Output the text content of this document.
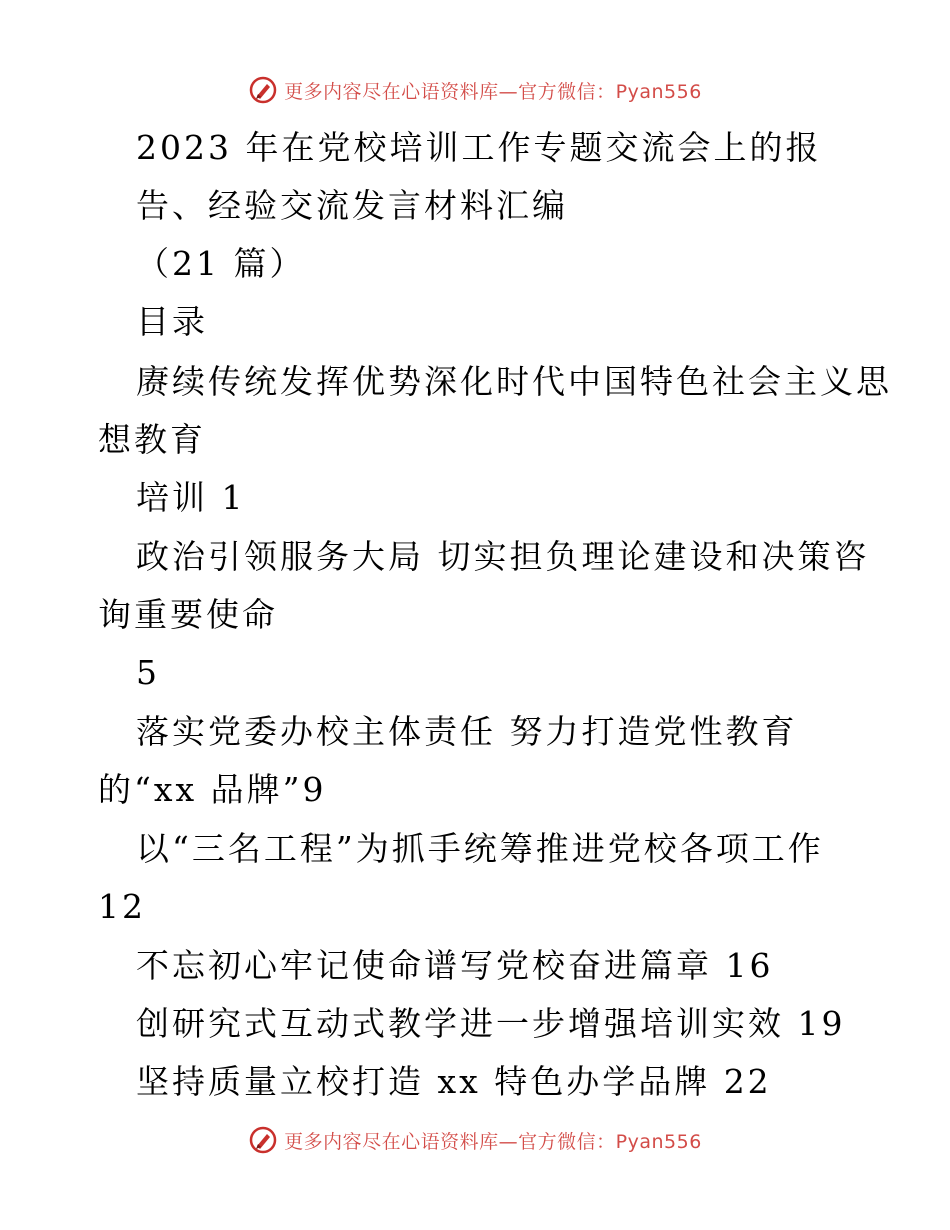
更多内容尽在心语资料库—官方微信：Pyan556
2023 年在党校培训工作专题交流会上的报
告、经验交流发言材料汇编
（21 篇）
目录
赓续传统发挥优势深化时代中国特色社会主义思
想教育
培训 1
政治引领服务大局 切实担负理论建设和决策咨
询重要使命
5
落实党委办校主体责任 努力打造党性教育
的“xx 品牌”9
以“三名工程”为抓手统筹推进党校各项工作
12
不忘初心牢记使命谱写党校奋进篇章 16
创研究式互动式教学进一步增强培训实效 19
坚持质量立校打造 xx 特色办学品牌 22
更多内容尽在心语资料库—官方微信：Pyan556
